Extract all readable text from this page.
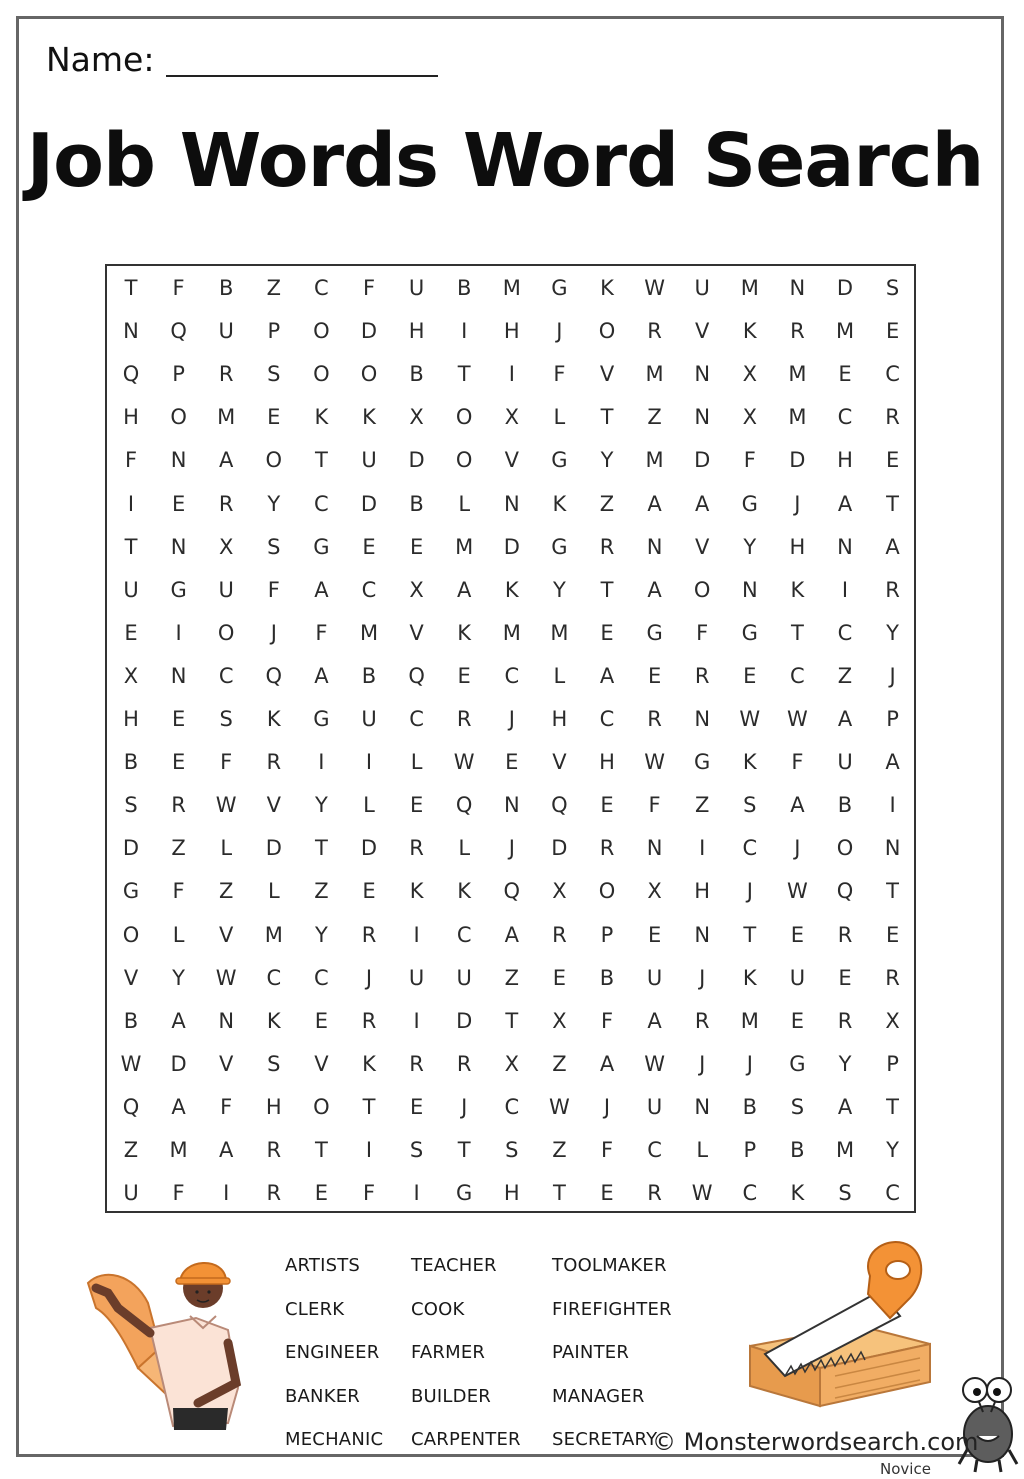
Name:
Job Words Word Search
T	F	B	Z	C	F	U	B	M	G	K	W	U	M	N	D	S
N	Q	U	P	O	D	H	I	H	J	O	R	V	K	R	M	E
Q	P	R	S	O	O	B	T	I	F	V	M	N	X	M	E	C
H	O	M	E	K	K	X	O	X	L	T	Z	N	X	M	C	R
F	N	A	O	T	U	D	O	V	G	Y	M	D	F	D	H	E
I	E	R	Y	C	D	B	L	N	K	Z	A	A	G	J	A	T
T	N	X	S	G	E	E	M	D	G	R	N	V	Y	H	N	A
U	G	U	F	A	C	X	A	K	Y	T	A	O	N	K	I	R
E	I	O	J	F	M	V	K	M	M	E	G	F	G	T	C	Y
X	N	C	Q	A	B	Q	E	C	L	A	E	R	E	C	Z	J
H	E	S	K	G	U	C	R	J	H	C	R	N	W	W	A	P
B	E	F	R	I	I	L	W	E	V	H	W	G	K	F	U	A
S	R	W	V	Y	L	E	Q	N	Q	E	F	Z	S	A	B	I
D	Z	L	D	T	D	R	L	J	D	R	N	I	C	J	O	N
G	F	Z	L	Z	E	K	K	Q	X	O	X	H	J	W	Q	T
O	L	V	M	Y	R	I	C	A	R	P	E	N	T	E	R	E
V	Y	W	C	C	J	U	U	Z	E	B	U	J	K	U	E	R
B	A	N	K	E	R	I	D	T	X	F	A	R	M	E	R	X
W	D	V	S	V	K	R	R	X	Z	A	W	J	J	G	Y	P
Q	A	F	H	O	T	E	J	C	W	J	U	N	B	S	A	T
Z	M	A	R	T	I	S	T	S	Z	F	C	L	P	B	M	Y
U	F	I	R	E	F	I	G	H	T	E	R	W	C	K	S	C
ARTISTS
CLERK
ENGINEER
BANKER
MECHANIC
TEACHER
COOK
FARMER
BUILDER
CARPENTER
TOOLMAKER
FIREFIGHTER
PAINTER
MANAGER
SECRETARY
© Monsterwordsearch.com
Novice
